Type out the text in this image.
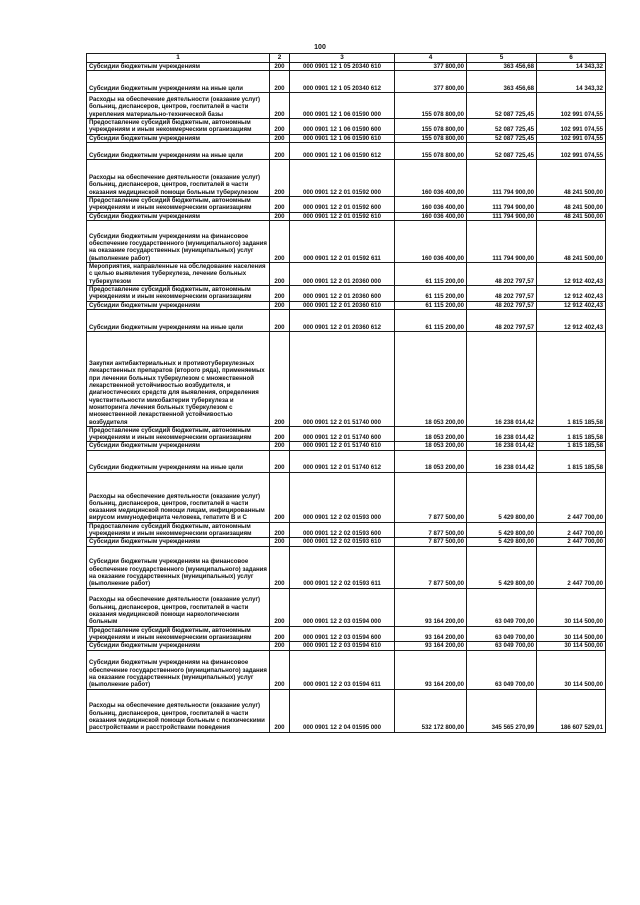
100
1	2	3	4	5	6
Субсидии бюджетным учреждениям	200	000 0901 12 1 05 20340 610	377 800,00	363 456,68	14 343,32
Субсидии бюджетным учреждениям на иные цели	200	000 0901 12 1 05 20340 612	377 800,00	363 456,68	14 343,32
Расходы на обеспечение деятельности (оказание услуг) больниц, диспансеров, центров, госпиталей в части укрепления материально-технической базы	200	000 0901 12 1 06 01590 000	155 078 800,00	52 087 725,45	102 991 074,55
Предоставление субсидий бюджетным, автономным учреждениям и иным некоммерческим организациям	200	000 0901 12 1 06 01590 600	155 078 800,00	52 087 725,45	102 991 074,55
Субсидии бюджетным учреждениям	200	000 0901 12 1 06 01590 610	155 078 800,00	52 087 725,45	102 991 074,55
Субсидии бюджетным учреждениям на иные цели	200	000 0901 12 1 06 01590 612	155 078 800,00	52 087 725,45	102 991 074,55
Расходы на обеспечение деятельности (оказание услуг) больниц, диспансеров, центров, госпиталей в части оказания медицинской помощи больным туберкулезом	200	000 0901 12 2 01 01592 000	160 036 400,00	111 794 900,00	48 241 500,00
Предоставление субсидий бюджетным, автономным учреждениям и иным некоммерческим организациям	200	000 0901 12 2 01 01592 600	160 036 400,00	111 794 900,00	48 241 500,00
Субсидии бюджетным учреждениям	200	000 0901 12 2 01 01592 610	160 036 400,00	111 794 900,00	48 241 500,00
Субсидии бюджетным учреждениям на финансовое обеспечение государственного (муниципального) задания на оказание государственных (муниципальных) услуг (выполнение работ)	200	000 0901 12 2 01 01592 611	160 036 400,00	111 794 900,00	48 241 500,00
Мероприятия, направленные на обследование населения с целью выявления туберкулеза, лечение больных туберкулезом	200	000 0901 12 2 01 20360 000	61 115 200,00	48 202 797,57	12 912 402,43
Предоставление субсидий бюджетным, автономным учреждениям и иным некоммерческим организациям	200	000 0901 12 2 01 20360 600	61 115 200,00	48 202 797,57	12 912 402,43
Субсидии бюджетным учреждениям	200	000 0901 12 2 01 20360 610	61 115 200,00	48 202 797,57	12 912 402,43
Субсидии бюджетным учреждениям на иные цели	200	000 0901 12 2 01 20360 612	61 115 200,00	48 202 797,57	12 912 402,43
Закупки антибактериальных и противотуберкулезных лекарственных препаратов (второго ряда), применяемых при лечении больных туберкулезом с множественной лекарственной устойчивостью возбудителя, и диагностических средств для выявления, определения чувствительности микобактерии туберкулеза и мониторинга лечения больных туберкулезом с множественной лекарственной устойчивостью возбудителя	200	000 0901 12 2 01 51740 000	18 053 200,00	16 238 014,42	1 815 185,58
Предоставление субсидий бюджетным, автономным учреждениям и иным некоммерческим организациям	200	000 0901 12 2 01 51740 600	18 053 200,00	16 238 014,42	1 815 185,58
Субсидии бюджетным учреждениям	200	000 0901 12 2 01 51740 610	18 053 200,00	16 238 014,42	1 815 185,58
Субсидии бюджетным учреждениям на иные цели	200	000 0901 12 2 01 51740 612	18 053 200,00	16 238 014,42	1 815 185,58
Расходы на обеспечение деятельности (оказание услуг) больниц, диспансеров, центров, госпиталей в части оказания медицинской помощи лицам, инфицированным вирусом иммунодефицита человека, гепатите В и С	200	000 0901 12 2 02 01593 000	7 877 500,00	5 429 800,00	2 447 700,00
Предоставление субсидий бюджетным, автономным учреждениям и иным некоммерческим организациям	200	000 0901 12 2 02 01593 600	7 877 500,00	5 429 800,00	2 447 700,00
Субсидии бюджетным учреждениям	200	000 0901 12 2 02 01593 610	7 877 500,00	5 429 800,00	2 447 700,00
Субсидии бюджетным учреждениям на финансовое обеспечение государственного (муниципального) задания на оказание государственных (муниципальных) услуг (выполнение работ)	200	000 0901 12 2 02 01593 611	7 877 500,00	5 429 800,00	2 447 700,00
Расходы на обеспечение деятельности (оказание услуг) больниц, диспансеров, центров, госпиталей в части оказания медицинской помощи наркологическим больным	200	000 0901 12 2 03 01594 000	93 164 200,00	63 049 700,00	30 114 500,00
Предоставление субсидий бюджетным, автономным учреждениям и иным некоммерческим организациям	200	000 0901 12 2 03 01594 600	93 164 200,00	63 049 700,00	30 114 500,00
Субсидии бюджетным учреждениям	200	000 0901 12 2 03 01594 610	93 164 200,00	63 049 700,00	30 114 500,00
Субсидии бюджетным учреждениям на финансовое обеспечение государственного (муниципального) задания на оказание государственных (муниципальных) услуг (выполнение работ)	200	000 0901 12 2 03 01594 611	93 164 200,00	63 049 700,00	30 114 500,00
Расходы на обеспечение деятельности (оказание услуг) больниц, диспансеров, центров, госпиталей в части оказания медицинской помощи больным с психическими расстройствами и расстройствами поведения	200	000 0901 12 2 04 01595 000	532 172 800,00	345 565 270,99	186 607 529,01
